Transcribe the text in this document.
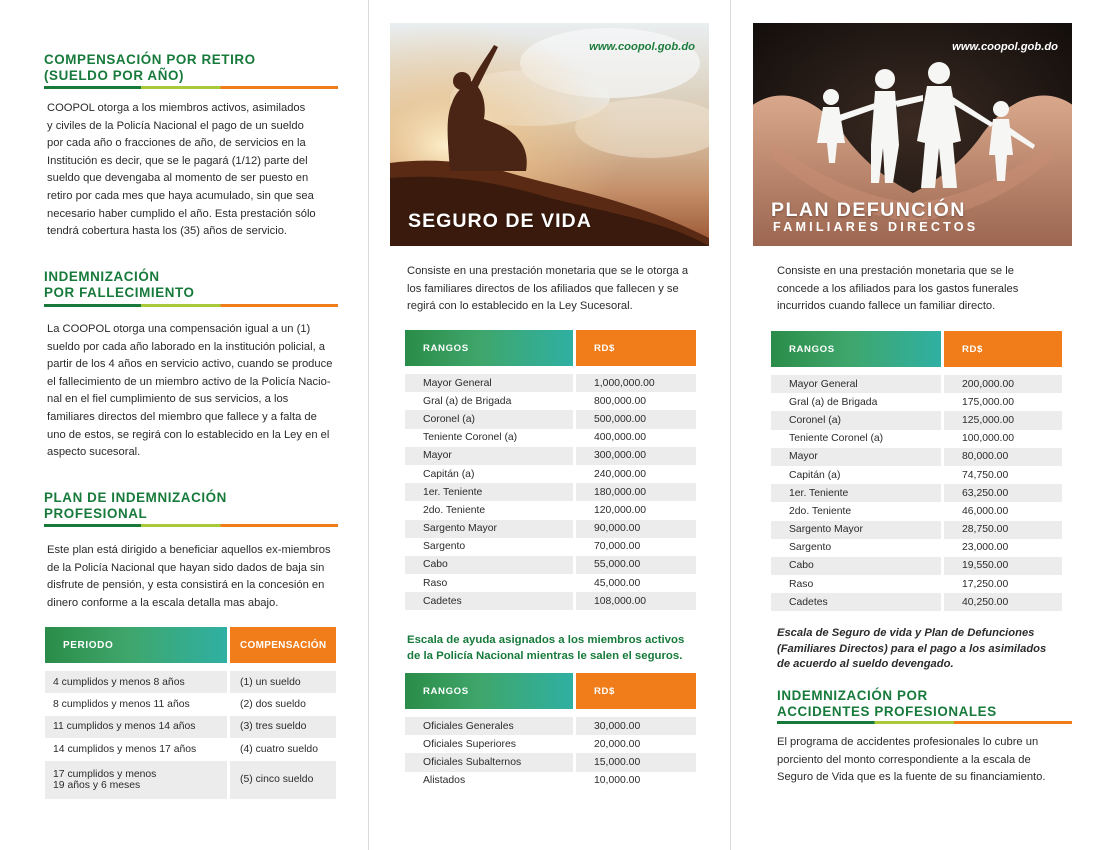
COMPENSACIÓN POR RETIRO
(SUELDO POR AÑO)
COOPOL otorga a los miembros activos, asimilados
y civiles de la Policía Nacional el pago de un sueldo
por cada año o fracciones de año, de servicios en la
Institución es decir, que se le pagará (1/12) parte del
sueldo que devengaba al momento de ser puesto en
retiro por cada mes que haya acumulado, sin que sea
necesario haber cumplido el año. Esta prestación sólo
tendrá cobertura hasta los (35) años de servicio.
INDEMNIZACIÓN
POR FALLECIMIENTO
La COOPOL otorga una compensación igual a un (1)
sueldo por cada año laborado en la institución policial, a
partir de los 4 años en servicio activo, cuando se produce
el fallecimiento de un miembro activo de la Policía Nacio-
nal en el fiel cumplimiento de sus servicios, a los
familiares directos del miembro que fallece y a falta de
uno de estos, se regirá con lo establecido en la Ley en el
aspecto sucesoral.
PLAN DE INDEMNIZACIÓN
PROFESIONAL
Este plan está dirigido a beneficiar aquellos ex-miembros
de la Policía Nacional que hayan sido dados de baja sin
disfrute de pensión, y esta consistirá en la concesión en
dinero conforme a la escala detalla mas abajo.
PERIODO		COMPENSACIÓN

4 cumplidos y menos 8 años		(1) un sueldo
8 cumplidos y menos 11 años		(2) dos sueldo
11 cumplidos y menos 14 años		(3) tres sueldo
14 cumplidos y menos 17 años		(4) cuatro sueldo

17 cumplidos y menos
19 años y 6 meses		(5) cinco sueldo
www.coopol.gob.do
SEGURO DE VIDA
Consiste en una prestación monetaria que se le otorga a
los familiares directos de los afiliados que fallecen y se
regirá con lo establecido en la Ley Sucesoral.
RANGOS		RD$

Mayor General		1,000,000.00
Gral (a) de Brigada		800,000.00
Coronel (a)		500,000.00
Teniente Coronel (a)		400,000.00
Mayor		300,000.00
Capitán (a)		240,000.00
1er. Teniente		180,000.00
2do. Teniente		120,000.00
Sargento Mayor		90,000.00
Sargento		70,000.00
Cabo		55,000.00
Raso		45,000.00
Cadetes		108,000.00
Escala de ayuda asignados a los miembros activos
de la Policía Nacional mientras le salen el seguros.
RANGOS		RD$

Oficiales Generales		30,000.00
Oficiales Superiores		20,000.00
Oficiales Subalternos		15,000.00
Alistados		10,000.00
www.coopol.gob.do
PLAN DEFUNCIÓN
FAMILIARES DIRECTOS
Consiste en una prestación monetaria que se le
concede a los afiliados para los gastos funerales
incurridos cuando fallece un familiar directo.
RANGOS		RD$

Mayor General		200,000.00
Gral (a) de Brigada		175,000.00
Coronel (a)		125,000.00
Teniente Coronel (a)		100,000.00
Mayor		80,000.00
Capitán (a)		74,750.00
1er. Teniente		63,250.00
2do. Teniente		46,000.00
Sargento Mayor		28,750.00
Sargento		23,000.00
Cabo		19,550.00
Raso		17,250.00
Cadetes		40,250.00
Escala de Seguro de vida y Plan de Defunciones
(Familiares Directos) para el pago a los asimilados
de acuerdo al sueldo devengado.
INDEMNIZACIÓN POR
ACCIDENTES PROFESIONALES
El programa de accidentes profesionales lo cubre un
porciento del monto correspondiente a la escala de
Seguro de Vida que es la fuente de su financiamiento.
